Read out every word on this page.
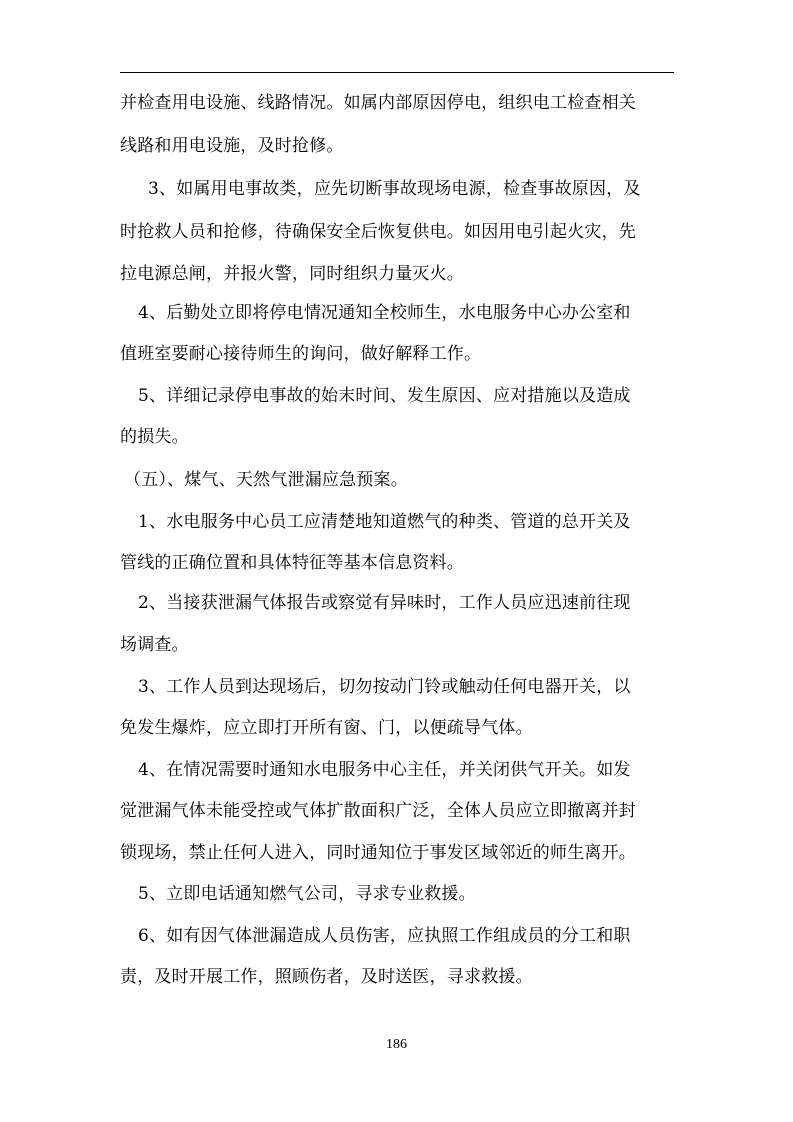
并检查用电设施、线路情况。如属内部原因停电，组织电工检查相关
线路和用电设施，及时抢修。
3、如属用电事故类，应先切断事故现场电源，检查事故原因，及
时抢救人员和抢修，待确保安全后恢复供电。如因用电引起火灾，先
拉电源总闸，并报火警，同时组织力量灭火。
4、后勤处立即将停电情况通知全校师生，水电服务中心办公室和
值班室要耐心接待师生的询问，做好解释工作。
5、详细记录停电事故的始末时间、发生原因、应对措施以及造成
的损失。
（五）、煤气、天然气泄漏应急预案。
1、水电服务中心员工应清楚地知道燃气的种类、管道的总开关及
管线的正确位置和具体特征等基本信息资料。
2、当接获泄漏气体报告或察觉有异味时，工作人员应迅速前往现
场调查。
3、工作人员到达现场后，切勿按动门铃或触动任何电器开关，以
免发生爆炸，应立即打开所有窗、门，以便疏导气体。
4、在情况需要时通知水电服务中心主任，并关闭供气开关。如发
觉泄漏气体未能受控或气体扩散面积广泛，全体人员应立即撤离并封
锁现场，禁止任何人进入，同时通知位于事发区域邻近的师生离开。
5、立即电话通知燃气公司，寻求专业救援。
6、如有因气体泄漏造成人员伤害，应执照工作组成员的分工和职
责，及时开展工作，照顾伤者，及时送医，寻求救援。
186
